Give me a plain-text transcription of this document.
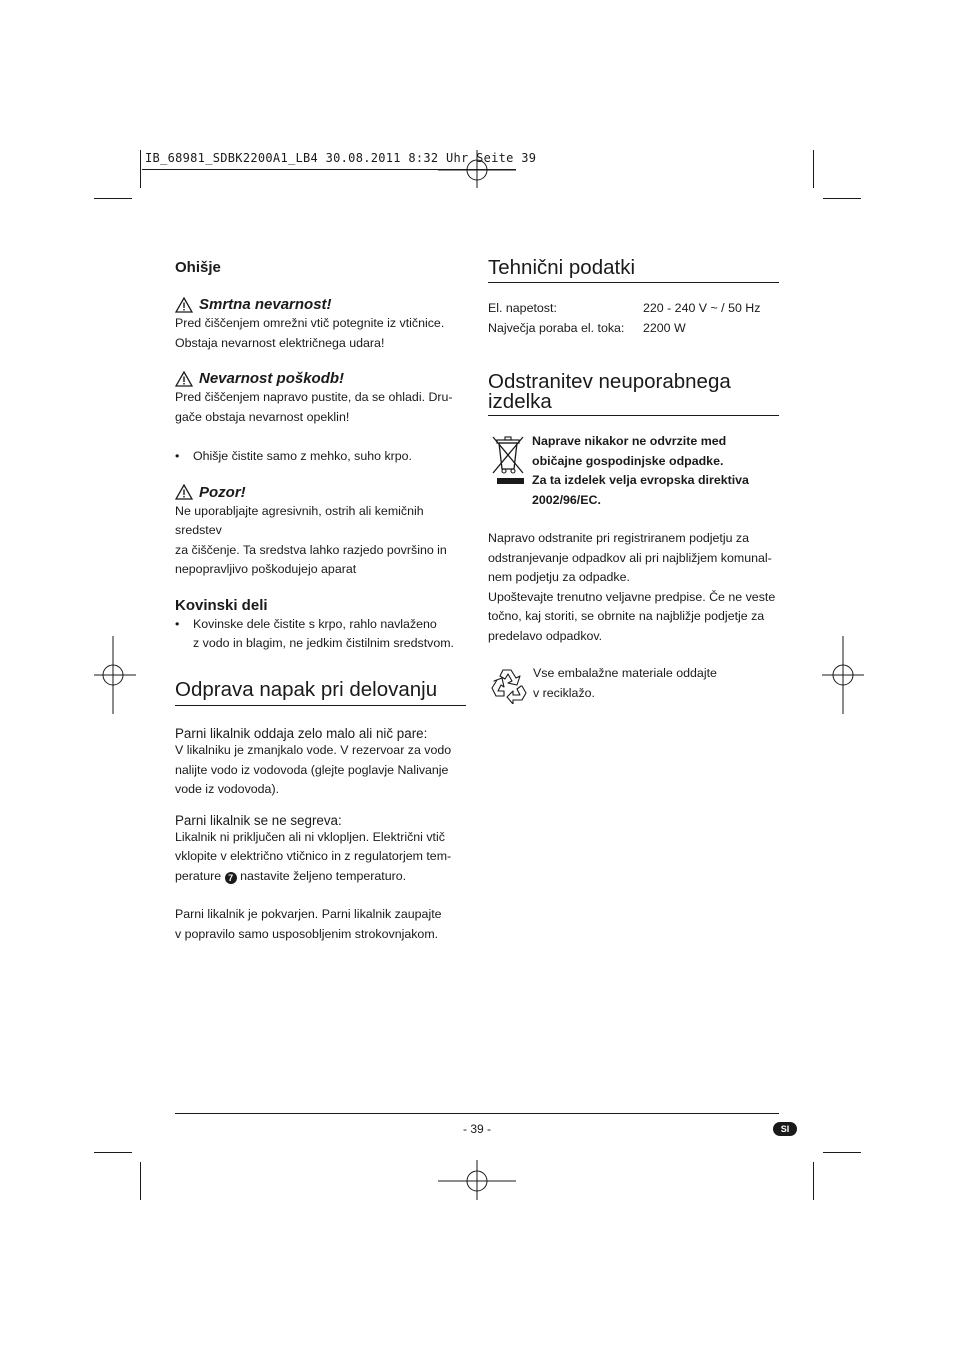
IB_68981_SDBK2200A1_LB4 30.08.2011 8:32 Uhr Seite 39
Ohišje
Smrtna nevarnost!
Pred čiščenjem omrežni vtič potegnite iz vtičnice.
Obstaja nevarnost električnega udara!
Nevarnost poškodb!
Pred čiščenjem napravo pustite, da se ohladi. Dru-
gače obstaja nevarnost opeklin!
•	Ohišje čistite samo z mehko, suho krpo.
Pozor!
Ne uporabljajte agresivnih, ostrih ali kemičnih sredstev
za čiščenje. Ta sredstva lahko razjedo površino in
nepopravljivo poškodujejo aparat
Kovinski deli
•	Kovinske dele čistite s krpo, rahlo navlaženo
z vodo in blagim, ne jedkim čistilnim sredstvom.
Odprava napak pri delovanju
Parni likalnik oddaja zelo malo ali nič pare:
V likalniku je zmanjkalo vode. V rezervoar za vodo
nalijte vodo iz vodovoda (glejte poglavje Nalivanje
vode iz vodovoda).
Parni likalnik se ne segreva:
Likalnik ni priključen ali ni vklopljen. Električni vtič
vklopite v električno vtičnico in z regulatorjem tem-
perature 7 nastavite željeno temperaturo.
Parni likalnik je pokvarjen. Parni likalnik zaupajte
v popravilo samo usposobljenim strokovnjakom.
Tehnični podatki
El. napetost:	220 - 240 V ~ / 50 Hz
Največja poraba el. toka:	2200 W
Odstranitev neuporabnega
izdelka
Naprave nikakor ne odvrzite med
običajne gospodinjske odpadke.
Za ta izdelek velja evropska direktiva
2002/96/EC.
Napravo odstranite pri registriranem podjetju za
odstranjevanje odpadkov ali pri najbližjem komunal-
nem podjetju za odpadke.
Upoštevajte trenutno veljavne predpise. Če ne veste
točno, kaj storiti, se obrnite na najbližje podjetje za
predelavo odpadkov.
Vse embalažne materiale oddajte
v reciklažo.
- 39 -	SI
